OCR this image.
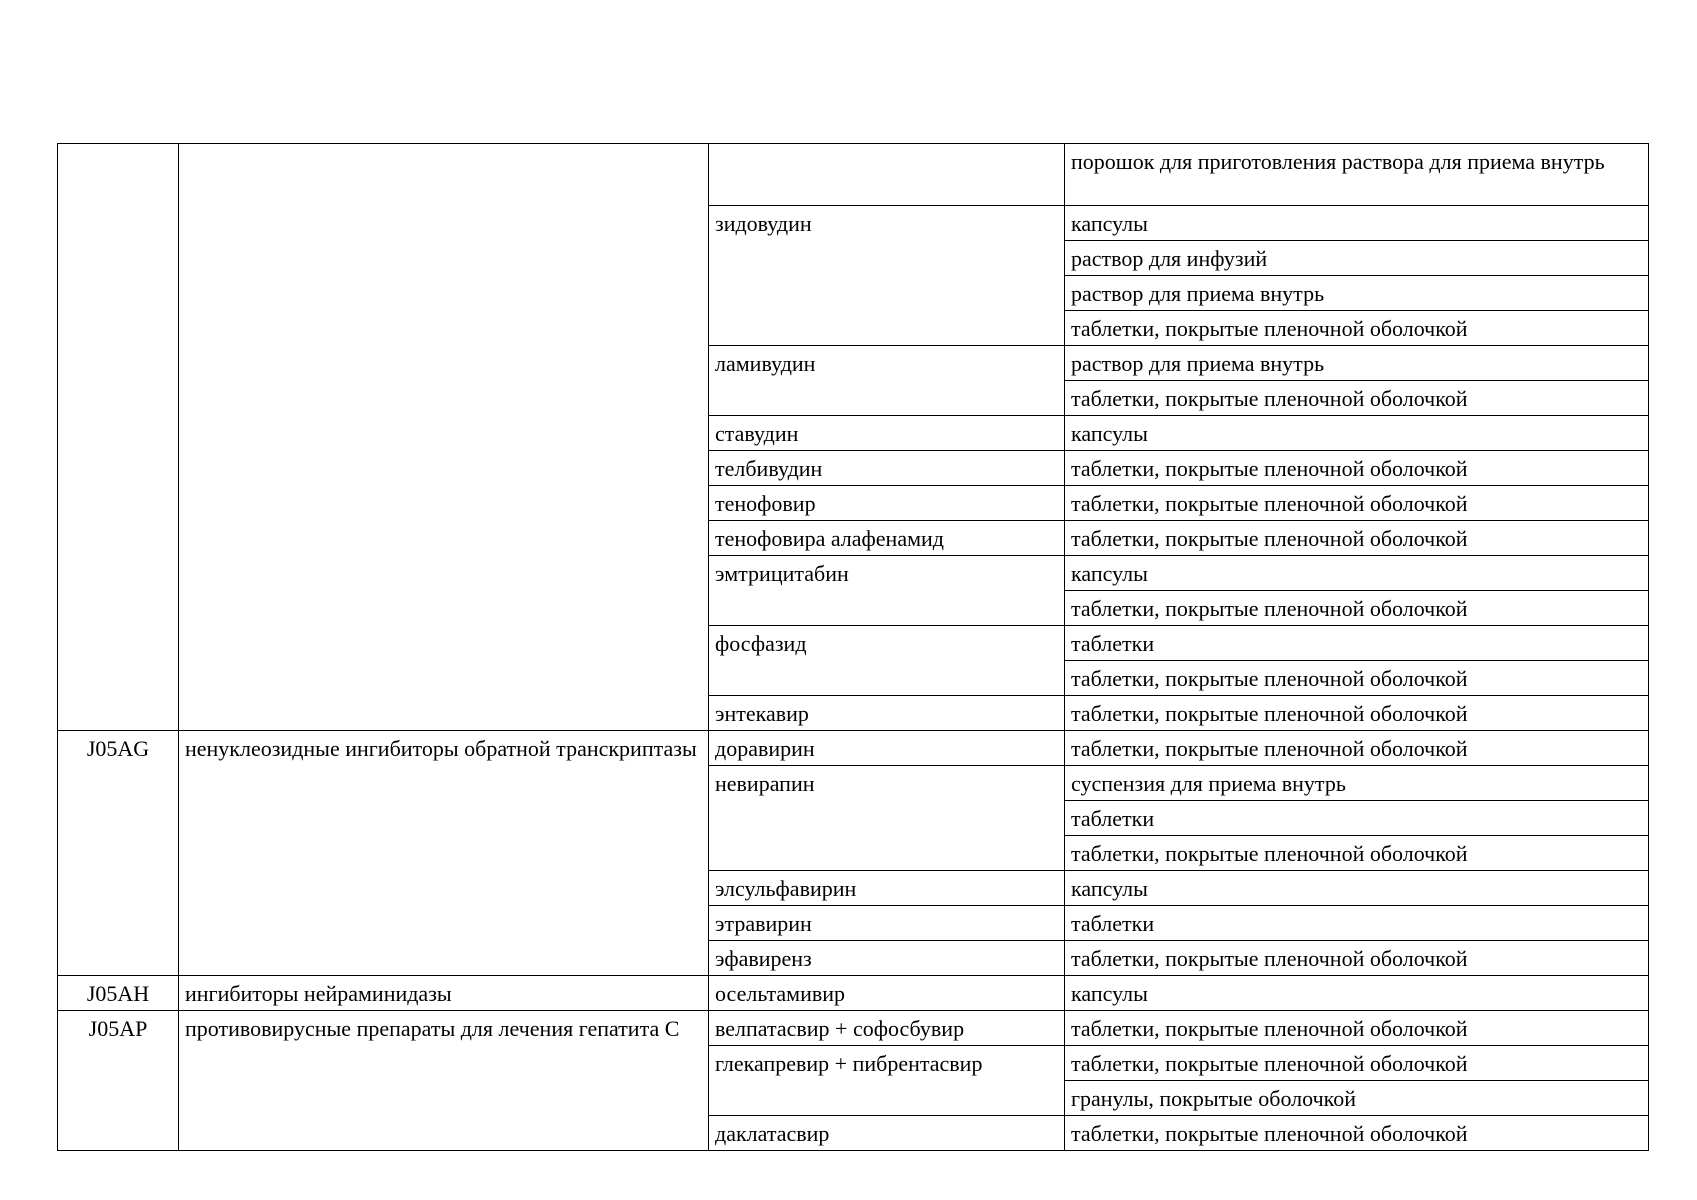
			порошок для приготовления раствора для приема внутрь
		зидовудин	капсулы
			раствор для инфузий
			раствор для приема внутрь
			таблетки, покрытые пленочной оболочкой
		ламивудин	раствор для приема внутрь
			таблетки, покрытые пленочной оболочкой
		ставудин	капсулы
		телбивудин	таблетки, покрытые пленочной оболочкой
		тенофовир	таблетки, покрытые пленочной оболочкой
		тенофовира алафенамид	таблетки, покрытые пленочной оболочкой
		эмтрицитабин	капсулы
			таблетки, покрытые пленочной оболочкой
		фосфазид	таблетки
			таблетки, покрытые пленочной оболочкой
		энтекавир	таблетки, покрытые пленочной оболочкой
J05AG	ненуклеозидные ингибиторы обратной транскриптазы	доравирин	таблетки, покрытые пленочной оболочкой
		невирапин	суспензия для приема внутрь
			таблетки
			таблетки, покрытые пленочной оболочкой
		элсульфавирин	капсулы
		этравирин	таблетки
		эфавиренз	таблетки, покрытые пленочной оболочкой
J05AH	ингибиторы нейраминидазы	осельтамивир	капсулы
J05AP	противовирусные препараты для лечения гепатита С	велпатасвир + софосбувир	таблетки, покрытые пленочной оболочкой
		глекапревир + пибрентасвир	таблетки, покрытые пленочной оболочкой
			гранулы, покрытые оболочкой
		даклатасвир	таблетки, покрытые пленочной оболочкой
